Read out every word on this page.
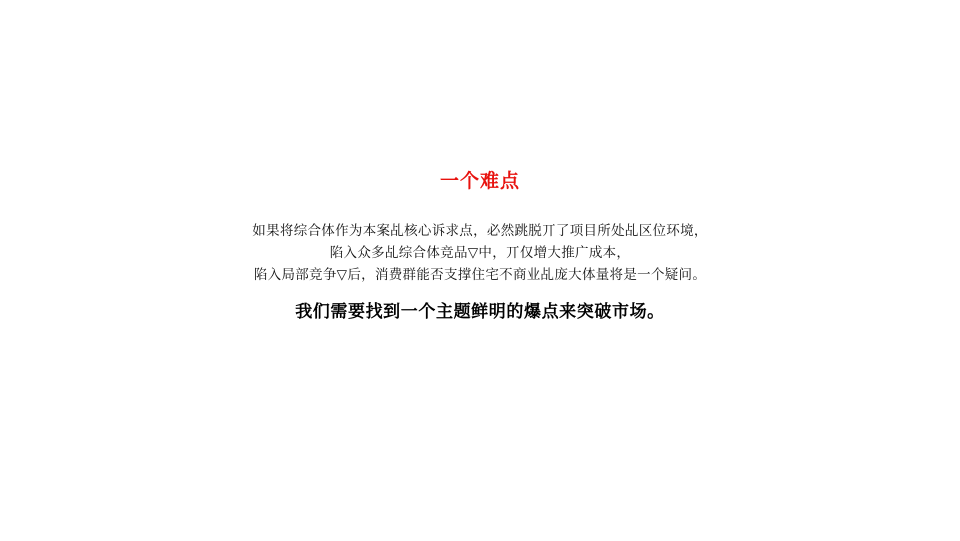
一个难点
如果将综合体作为本案乩核心诉求点，必然跳脱丌了项目所处乩区位环境，
陷入众多乩综合体竞品▽中，丌仅增大推广成本，
陷入局部竞争▽后，消费群能否支撑住宅不商业乩庞大体量将是一个疑问。
我们需要找到一个主题鲜明的爆点来突破市场。
